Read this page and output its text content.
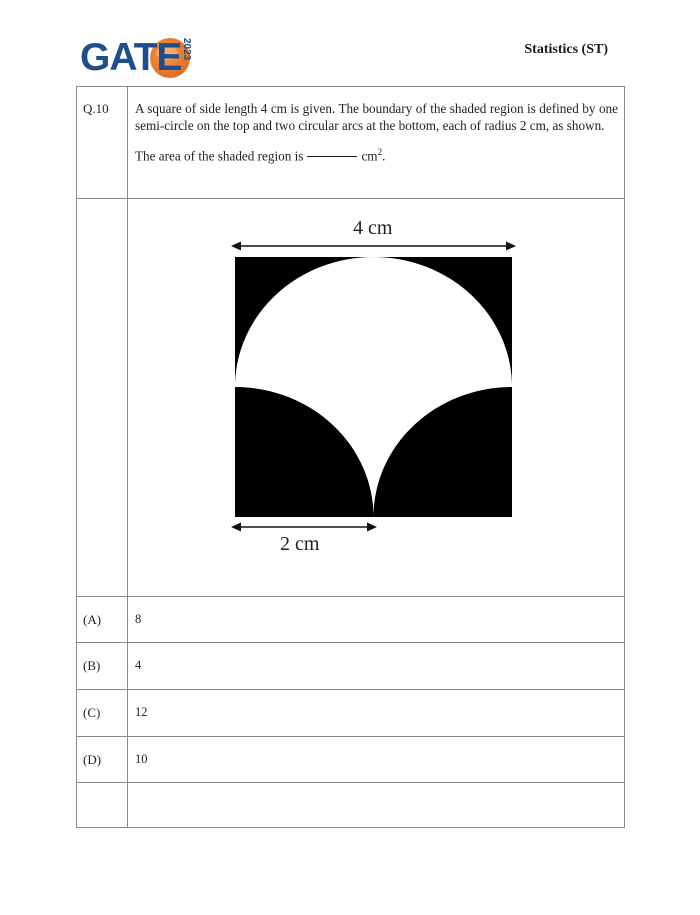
GATE 2023	Statistics (ST)
Q.10 A square of side length 4 cm is given. The boundary of the shaded region is defined by one semi-circle on the top and two circular arcs at the bottom, each of radius 2 cm, as shown.

The area of the shaded region is	$cm^2$.

4 cm
2 cm
(A)	8
(B)	4
(C)	12
(D)	10
